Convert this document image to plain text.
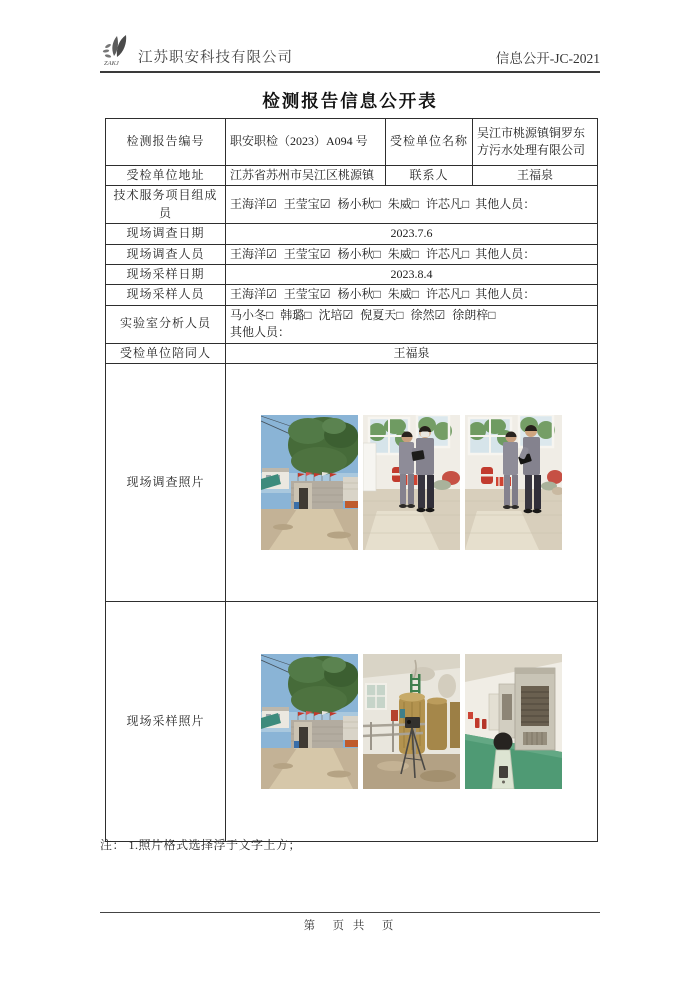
ZAKJ 江苏职安科技有限公司	信息公开-JC-2021
检测报告信息公开表
检测报告编号	职安职检（2023）A094 号	受检单位名称	吴江市桃源镇铜罗东方污水处理有限公司
受检单位地址	江苏省苏州市吴江区桃源镇	联系人	王福泉
技术服务项目组成员	王海洋☑ 王莹宝☑ 杨小秋□ 朱威□ 许芯凡□ 其他人员：		
现场调查日期	2023.7.6		
现场调查人员	王海洋☑ 王莹宝☑ 杨小秋□ 朱威□ 许芯凡□ 其他人员：		
现场采样日期	2023.8.4		
现场采样人员	王海洋☑ 王莹宝☑ 杨小秋□ 朱威□ 许芯凡□ 其他人员：		
实验室分析人员	马小冬□ 韩璐□ 沈培☑ 倪夏天□ 徐然☑ 徐朗梓□
其他人员：		

受检单位陪同人	王福泉		
现场调查照片	

现场采样照片	
注： 1.照片格式选择浮于文字上方；
第　页 共　页
